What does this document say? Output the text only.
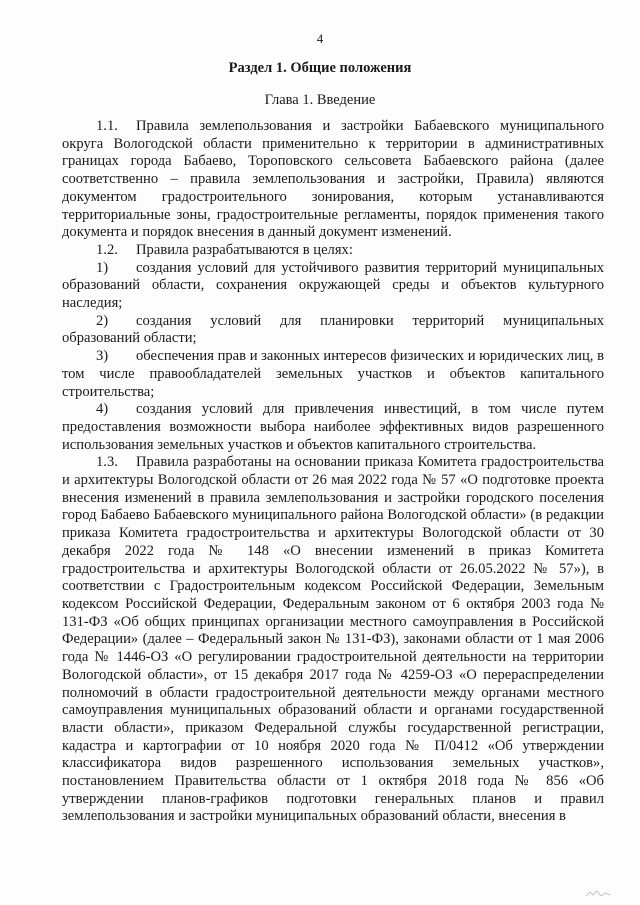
4
Раздел 1. Общие положения
Глава 1. Введение

1.1. Правила землепользования и застройки Бабаевского муниципального округа Вологодской области применительно к территории в административных границах города Бабаево, Тороповского сельсовета Бабаевского района (далее соответственно – правила землепользования и застройки, Правила) являются документом градостроительного зонирования, которым устанавливаются территориальные зоны, градостроительные регламенты, порядок применения такого документа и порядок внесения в данный документ изменений.

1.2. Правила разрабатываются в целях:

1) создания условий для устойчивого развития территорий муниципальных образований области, сохранения окружающей среды и объектов культурного наследия;

2) создания условий для планировки территорий муниципальных образований области;

3) обеспечения прав и законных интересов физических и юридических лиц, в том числе правообладателей земельных участков и объектов капитального строительства;

4) создания условий для привлечения инвестиций, в том числе путем предоставления возможности выбора наиболее эффективных видов разрешенного использования земельных участков и объектов капитального строительства.

1.3. Правила разработаны на основании приказа Комитета градостроительства и архитектуры Вологодской области от 26 мая 2022 года № 57 «О подготовке проекта внесения изменений в правила землепользования и застройки городского поселения город Бабаево Бабаевского муниципального района Вологодской области» (в редакции приказа Комитета градостроительства и архитектуры Вологодской области от 30 декабря 2022 года № 148 «О внесении изменений в приказ Комитета градостроительства и архитектуры Вологодской области от 26.05.2022 № 57»), в соответствии с Градостроительным кодексом Российской Федерации, Земельным кодексом Российской Федерации, Федеральным законом от 6 октября 2003 года № 131-ФЗ «Об общих принципах организации местного самоуправления в Российской Федерации» (далее – Федеральный закон № 131-ФЗ), законами области от 1 мая 2006 года № 1446-ОЗ «О регулировании градостроительной деятельности на территории Вологодской области», от 15 декабря 2017 года № 4259-ОЗ «О перераспределении полномочий в области градостроительной деятельности между органами местного самоуправления муниципальных образований области и органами государственной власти области», приказом Федеральной службы государственной регистрации, кадастра и картографии от 10 ноября 2020 года № П/0412 «Об утверждении классификатора видов разрешенного использования земельных участков», постановлением Правительства области от 1 октября 2018 года № 856 «Об утверждении планов-графиков подготовки генеральных планов и правил землепользования и застройки муниципальных образований области, внесения в
